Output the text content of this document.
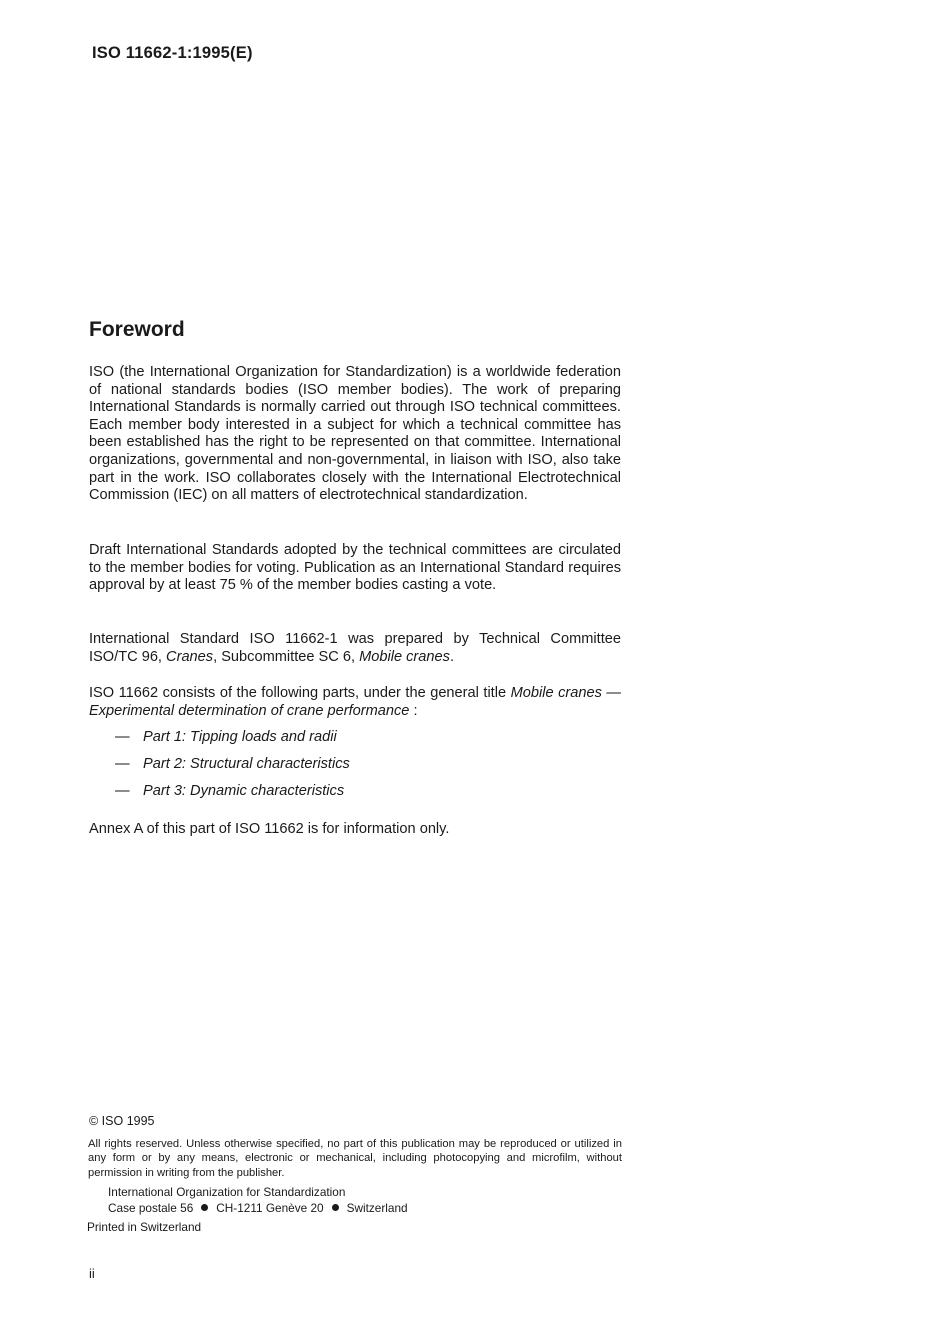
ISO 11662-1:1995(E)
Foreword

ISO (the International Organization for Standardization) is a worldwide federation of national standards bodies (ISO member bodies). The work of preparing International Standards is normally carried out through ISO technical committees. Each member body interested in a subject for which a technical committee has been established has the right to be represented on that committee. International organizations, governmental and non-governmental, in liaison with ISO, also take part in the work. ISO collaborates closely with the International Electrotechnical Commission (IEC) on all matters of electrotechnical standardization.

Draft International Standards adopted by the technical committees are circulated to the member bodies for voting. Publication as an International Standard requires approval by at least 75 % of the member bodies casting a vote.

International Standard ISO 11662-1 was prepared by Technical Committee ISO/TC 96, Cranes, Subcommittee SC 6, Mobile cranes.

ISO 11662 consists of the following parts, under the general title Mobile cranes — Experimental determination of crane performance :

— Part 1: Tipping loads and radii
— Part 2: Structural characteristics
— Part 3: Dynamic characteristics
Annex A of this part of ISO 11662 is for information only.
© ISO 1995
All rights reserved. Unless otherwise specified, no part of this publication may be reproduced or utilized in any form or by any means, electronic or mechanical, including photocopying and microfilm, without permission in writing from the publisher.
International Organization for Standardization
Case postale 56 CH-1211 Genève 20 Switzerland
Printed in Switzerland
ii
